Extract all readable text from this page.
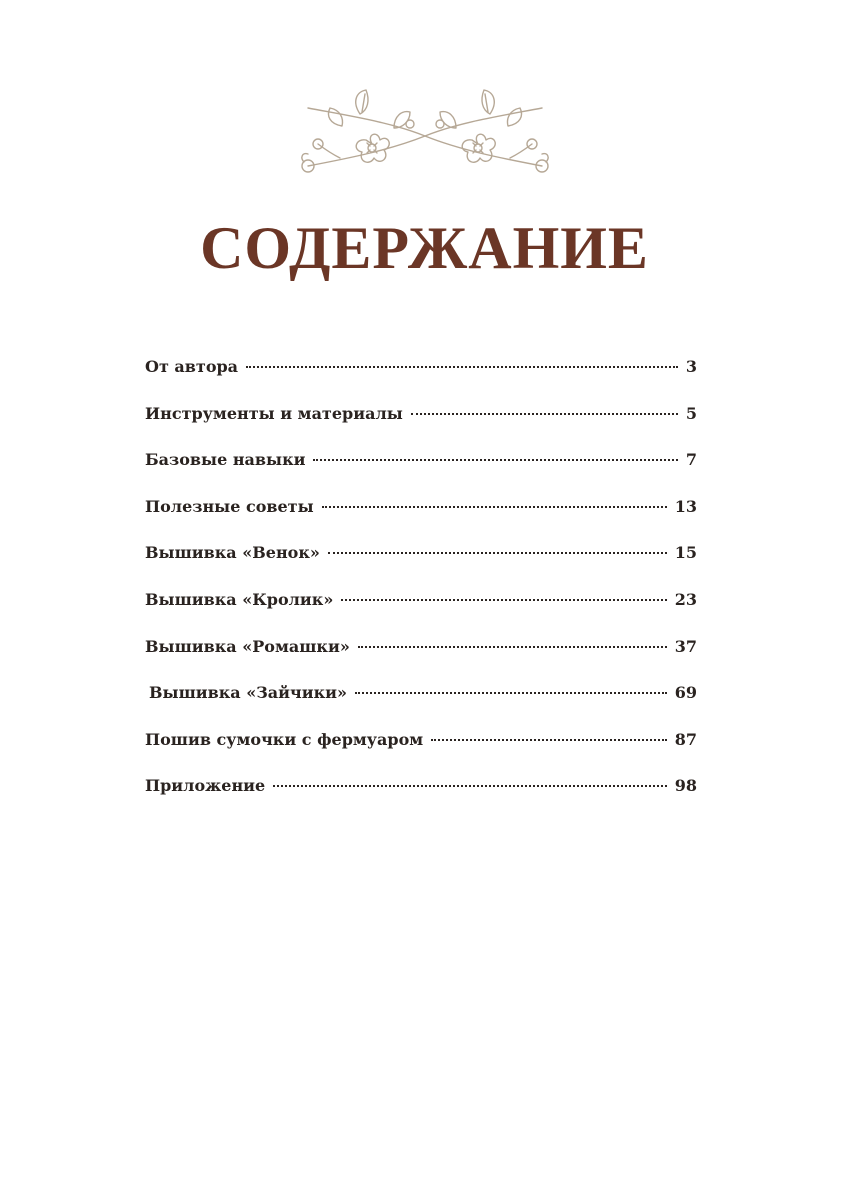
СОДЕРЖАНИЕ
От автора	3
Инструменты и материалы	5
Базовые навыки	7
Полезные советы	13
Вышивка «Венок»	15
Вышивка «Кролик»	23
Вышивка «Ромашки»	37
Вышивка «Зайчики»	69
Пошив сумочки с фермуаром	87
Приложение	98
